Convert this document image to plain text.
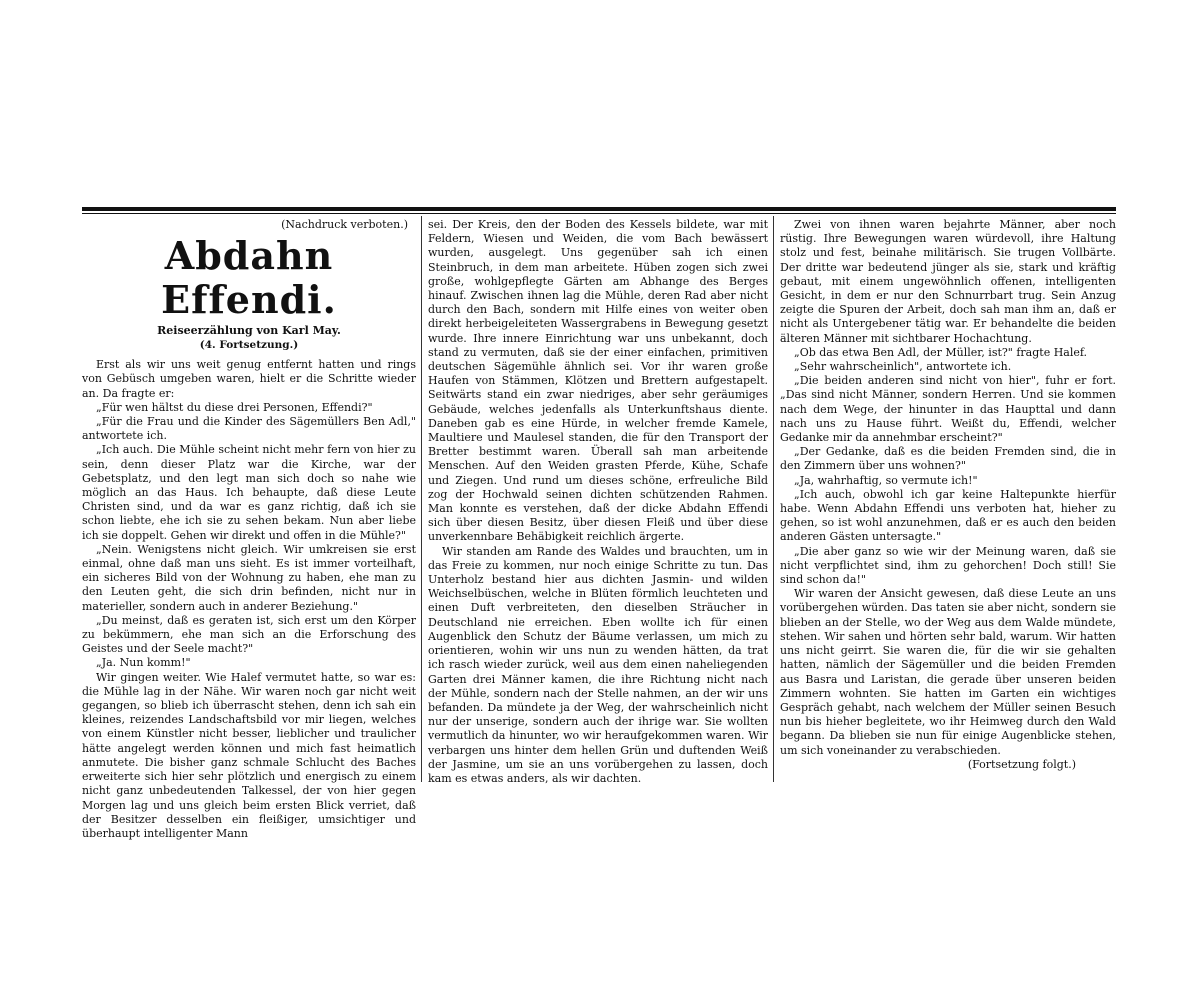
(Nachdruck verboten.)
Abdahn Effendi.
Reiseerzählung von Karl May.
(4. Fortsetzung.)

Erst als wir uns weit genug entfernt hatten und rings von Gebüsch umgeben waren, hielt er die Schritte wieder an. Da fragte er:

„Für wen hältst du diese drei Personen, Effendi?"

„Für die Frau und die Kinder des Sägemüllers Ben Adl," antwortete ich.

„Ich auch. Die Mühle scheint nicht mehr fern von hier zu sein, denn dieser Platz war die Kirche, war der Gebetsplatz, und den legt man sich doch so nahe wie möglich an das Haus. Ich behaupte, daß diese Leute Christen sind, und da war es ganz richtig, daß ich sie schon liebte, ehe ich sie zu sehen bekam. Nun aber liebe ich sie doppelt. Gehen wir direkt und offen in die Mühle?"

„Nein. Wenigstens nicht gleich. Wir umkreisen sie erst einmal, ohne daß man uns sieht. Es ist immer vorteilhaft, ein sicheres Bild von der Wohnung zu haben, ehe man zu den Leuten geht, die sich drin befinden, nicht nur in materieller, sondern auch in anderer Beziehung."

„Du meinst, daß es geraten ist, sich erst um den Körper zu bekümmern, ehe man sich an die Erforschung des Geistes und der Seele macht?"

„Ja. Nun komm!"

Wir gingen weiter. Wie Halef vermutet hatte, so war es: die Mühle lag in der Nähe. Wir waren noch gar nicht weit gegangen, so blieb ich überrascht stehen, denn ich sah ein kleines, reizendes Landschaftsbild vor mir liegen, welches von einem Künstler nicht besser, lieblicher und traulicher hätte angelegt werden können und mich fast heimatlich anmutete. Die bisher ganz schmale Schlucht des Baches erweiterte sich hier sehr plötzlich und energisch zu einem nicht ganz unbedeutenden Talkessel, der von hier gegen Morgen lag und uns gleich beim ersten Blick verriet, daß der Besitzer desselben ein fleißiger, umsichtiger und überhaupt intelligenter Mann

sei. Der Kreis, den der Boden des Kessels bildete, war mit Feldern, Wiesen und Weiden, die vom Bach bewässert wurden, ausgelegt. Uns gegenüber sah ich einen Steinbruch, in dem man arbeitete. Hüben zogen sich zwei große, wohlgepflegte Gärten am Abhange des Berges hinauf. Zwischen ihnen lag die Mühle, deren Rad aber nicht durch den Bach, sondern mit Hilfe eines von weiter oben direkt herbeigeleiteten Wassergrabens in Bewegung gesetzt wurde. Ihre innere Einrichtung war uns unbekannt, doch stand zu vermuten, daß sie der einer einfachen, primitiven deutschen Sägemühle ähnlich sei. Vor ihr waren große Haufen von Stämmen, Klötzen und Brettern aufgestapelt. Seitwärts stand ein zwar niedriges, aber sehr geräumiges Gebäude, welches jedenfalls als Unterkunftshaus diente. Daneben gab es eine Hürde, in welcher fremde Kamele, Maultiere und Maulesel standen, die für den Transport der Bretter bestimmt waren. Überall sah man arbeitende Menschen. Auf den Weiden grasten Pferde, Kühe, Schafe und Ziegen. Und rund um dieses schöne, erfreuliche Bild zog der Hochwald seinen dichten schützenden Rahmen. Man konnte es verstehen, daß der dicke Abdahn Effendi sich über diesen Besitz, über diesen Fleiß und über diese unverkennbare Behäbigkeit reichlich ärgerte.

Wir standen am Rande des Waldes und brauchten, um in das Freie zu kommen, nur noch einige Schritte zu tun. Das Unterholz bestand hier aus dichten Jasmin- und wilden Weichselbüschen, welche in Blüten förmlich leuchteten und einen Duft verbreiteten, den dieselben Sträucher in Deutschland nie erreichen. Eben wollte ich für einen Augenblick den Schutz der Bäume verlassen, um mich zu orientieren, wohin wir uns nun zu wenden hätten, da trat ich rasch wieder zurück, weil aus dem einen naheliegenden Garten drei Männer kamen, die ihre Richtung nicht nach der Mühle, sondern nach der Stelle nahmen, an der wir uns befanden. Da mündete ja der Weg, der wahrscheinlich nicht nur der unserige, sondern auch der ihrige war. Sie wollten vermutlich da hinunter, wo wir heraufgekommen waren. Wir verbargen uns hinter dem hellen Grün und duftenden Weiß der Jasmine, um sie an uns vorübergehen zu lassen, doch kam es etwas anders, als wir dachten.

Zwei von ihnen waren bejahrte Männer, aber noch rüstig. Ihre Bewegungen waren würdevoll, ihre Haltung stolz und fest, beinahe militärisch. Sie trugen Vollbärte. Der dritte war bedeutend jünger als sie, stark und kräftig gebaut, mit einem ungewöhnlich offenen, intelligenten Gesicht, in dem er nur den Schnurrbart trug. Sein Anzug zeigte die Spuren der Arbeit, doch sah man ihm an, daß er nicht als Untergebener tätig war. Er behandelte die beiden älteren Männer mit sichtbarer Hochachtung.

„Ob das etwa Ben Adl, der Müller, ist?" fragte Halef.

„Sehr wahrscheinlich", antwortete ich.

„Die beiden anderen sind nicht von hier", fuhr er fort. „Das sind nicht Männer, sondern Herren. Und sie kommen nach dem Wege, der hinunter in das Haupttal und dann nach uns zu Hause führt. Weißt du, Effendi, welcher Gedanke mir da annehmbar erscheint?"

„Der Gedanke, daß es die beiden Fremden sind, die in den Zimmern über uns wohnen?"

„Ja, wahrhaftig, so vermute ich!"

„Ich auch, obwohl ich gar keine Haltepunkte hierfür habe. Wenn Abdahn Effendi uns verboten hat, hieher zu gehen, so ist wohl anzunehmen, daß er es auch den beiden anderen Gästen untersagte."

„Die aber ganz so wie wir der Meinung waren, daß sie nicht verpflichtet sind, ihm zu gehorchen! Doch still! Sie sind schon da!"

Wir waren der Ansicht gewesen, daß diese Leute an uns vorübergehen würden. Das taten sie aber nicht, sondern sie blieben an der Stelle, wo der Weg aus dem Walde mündete, stehen. Wir sahen und hörten sehr bald, warum. Wir hatten uns nicht geirrt. Sie waren die, für die wir sie gehalten hatten, nämlich der Sägemüller und die beiden Fremden aus Basra und Laristan, die gerade über unseren beiden Zimmern wohnten. Sie hatten im Garten ein wichtiges Gespräch gehabt, nach welchem der Müller seinen Besuch nun bis hieher begleitete, wo ihr Heimweg durch den Wald begann. Da blieben sie nun für einige Augenblicke stehen, um sich voneinander zu verabschieden.

(Fortsetzung folgt.)
